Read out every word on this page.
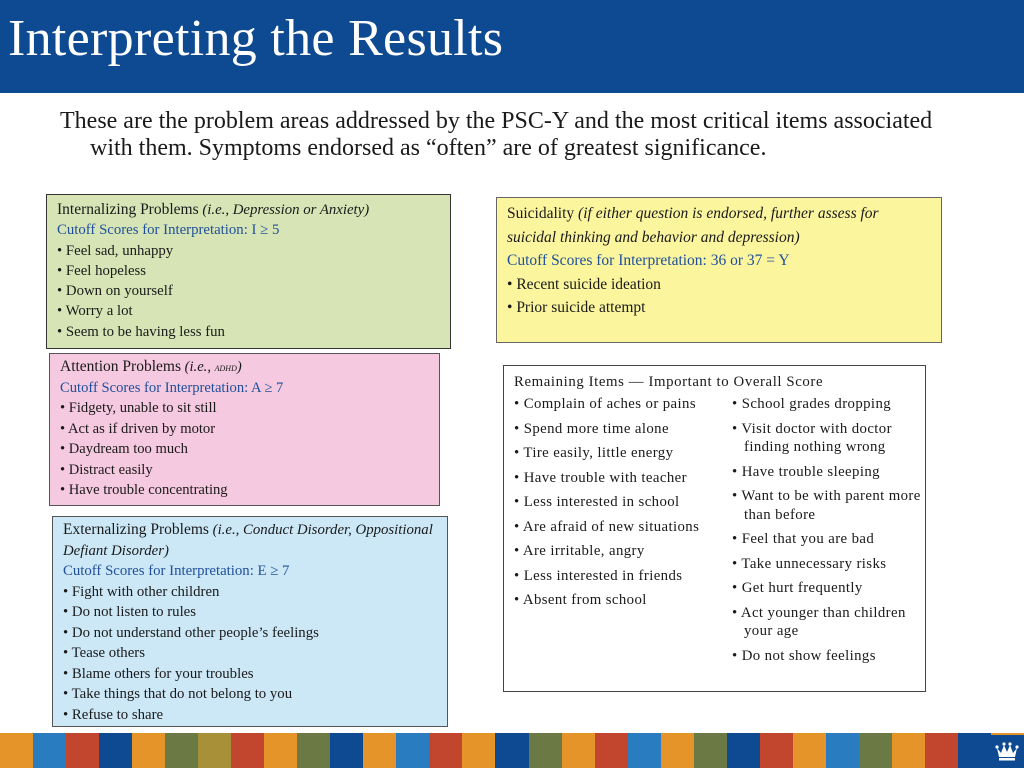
Interpreting the Results
These are the problem areas addressed by the PSC-Y and the most critical items associated with them. Symptoms endorsed as “often” are of greatest significance.
Internalizing Problems (i.e., Depression or Anxiety)
Cutoff Scores for Interpretation: I ≥ 5
• Feel sad, unhappy
• Feel hopeless
• Down on yourself
• Worry a lot
• Seem to be having less fun
Suicidality (if either question is endorsed, further assess for suicidal thinking and behavior and depression)
Cutoff Scores for Interpretation: 36 or 37 = Y
• Recent suicide ideation
• Prior suicide attempt
Attention Problems (i.e., adhd)
Cutoff Scores for Interpretation: A ≥ 7
• Fidgety, unable to sit still
• Act as if driven by motor
• Daydream too much
• Distract easily
• Have trouble concentrating
Externalizing Problems (i.e., Conduct Disorder, Oppositional Defiant Disorder)
Cutoff Scores for Interpretation: E ≥ 7
• Fight with other children
• Do not listen to rules
• Do not understand other people’s feelings
• Tease others
• Blame others for your troubles
• Take things that do not belong to you
• Refuse to share
Remaining Items — Important to Overall Score
• Complain of aches or pains
• Spend more time alone
• Tire easily, little energy
• Have trouble with teacher
• Less interested in school
• Are afraid of new situations
• Are irritable, angry
• Less interested in friends
• Absent from school
• School grades dropping
• Visit doctor with doctor finding nothing wrong
• Have trouble sleeping
• Want to be with parent more than before
• Feel that you are bad
• Take unnecessary risks
• Get hurt frequently
• Act younger than children your age
• Do not show feelings
